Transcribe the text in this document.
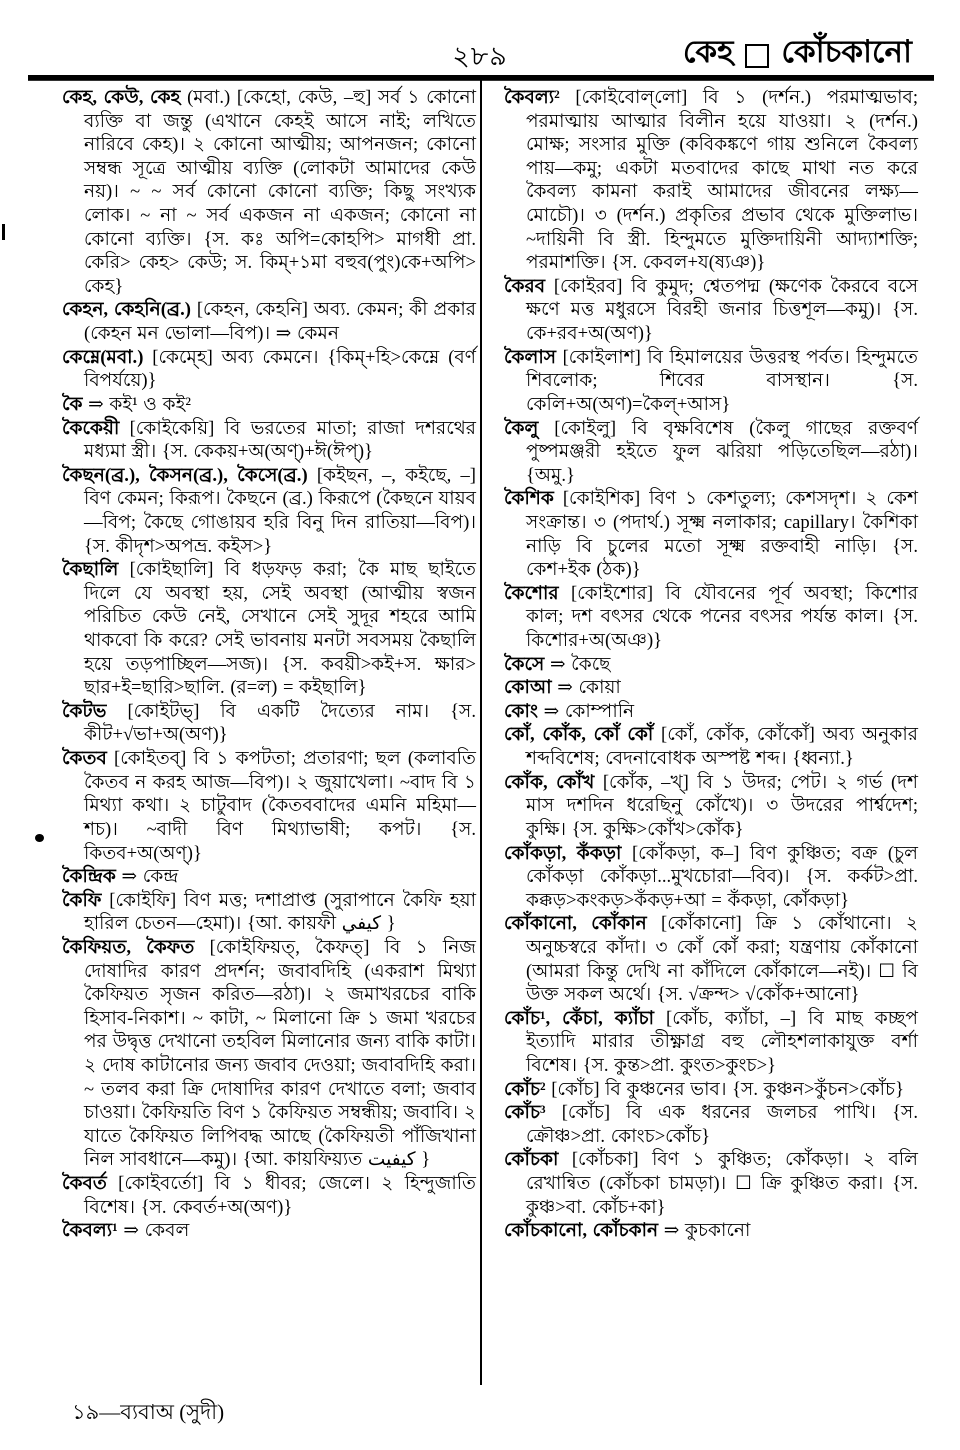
২৮৯	কেহ কোঁচকানো

কেহ, কেউ, কেহ (মবা.) [কেহো, কেউ, –হু] সর্ব ১ কোনো ব্যক্তি বা জন্তু (এখানে কেহই আসে নাই; লখিতে নারিবে কেহ)। ২ কোনো আত্মীয়; আপনজন; কোনো সম্বন্ধ সূত্রে আত্মীয় ব্যক্তি (লোকটা আমাদের কেউ নয়)। ~ ~ সর্ব কোনো কোনো ব্যক্তি; কিছু সংখ্যক লোক। ~ না ~ সর্ব একজন না একজন; কোনো না কোনো ব্যক্তি। {স. কঃ অপি=কোহপি> মাগধী প্রা. কেরি> কেহ> কেউ; স. কিম্+১মা বহুব(পুং)কে+অপি> কেহ}

কেহন, কেহনি(ব্র.) [কেহন, কেহনি] অব্য. কেমন; কী প্রকার (কেহন মন ভোলা—বিপ)। ⇒ কেমন

কেম্নে(মবা.) [কেম্হে] অব্য কেমনে। {কিম্+হি>কেম্নে (বর্ণ বিপর্যয়ে)}

কৈ ⇒ কই¹ ও কই²

কৈকেয়ী [কোইকেয়ি] বি ভরতের মাতা; রাজা দশরথের মধ্যমা স্ত্রী। {স. কেকয়+অ(অণ্)+ঈ(ঈপ্)}

কৈছন(ব্র.), কৈসন(ব্র.), কৈসে(ব্র.) [কইছন, –, কইছে, –] বিণ কেমন; কিরূপ। কৈছনে (ব্র.) কিরূপে (কৈছনে যায়ব—বিপ; কৈছে গোঙায়ব হরি বিনু দিন রাতিয়া—বিপ)। {স. কীদৃশ>অপভ্র. কইস>}

কৈছালি [কোইছালি] বি ধড়ফড় করা; কৈ মাছ ছাইতে দিলে যে অবস্থা হয়, সেই অবস্থা (আত্মীয় স্বজন পরিচিত কেউ নেই, সেখানে সেই সুদূর শহরে আমি থাকবো কি করে? সেই ভাবনায় মনটা সবসময় কৈছালি হয়ে তড়পাচ্ছিল—সজ)। {স. কবয়ী>কই+স. ক্ষার> ছার+ই=ছারি>ছালি. (র=ল) = কইছালি}

কৈটভ [কোইটভ্] বি একটি দৈত্যের নাম। {স. কীট+√ভা+অ(অণ)}

কৈতব [কোইতব্] বি ১ কপটতা; প্রতারণা; ছল (কলাবতি কৈতব ন করহ আজ—বিপ)। ২ জুয়াখেলা। ~বাদ বি ১ মিথ্যা কথা। ২ চাটুবাদ (কৈতববাদের এমনি মহিমা—শচ)। ~বাদী বিণ মিথ্যাভাষী; কপট। {স. কিতব+অ(অণ্)}

কৈন্দ্রিক ⇒ কেন্দ্র

কৈফি [কোইফি] বিণ মত্ত; দশাপ্রাপ্ত (সুরাপানে কৈফি হয়া হারিল চেতন—হেমা)। {আ. কায়ফী كيفي }

কৈফিয়ত, কৈফত [কোইফিয়ত্, কৈফত্] বি ১ নিজ দোষাদির কারণ প্রদর্শন; জবাবদিহি (একরাশ মিথ্যা কৈফিয়ত সৃজন করিত—রঠা)। ২ জমাখরচের বাকি হিসাব-নিকাশ। ~ কাটা, ~ মিলানো ক্রি ১ জমা খরচের পর উদ্বৃত্ত দেখানো তহবিল মিলানোর জন্য বাকি কাটা। ২ দোষ কাটানোর জন্য জবাব দেওয়া; জবাবদিহি করা। ~ তলব করা ক্রি দোষাদির কারণ দেখাতে বলা; জবাব চাওয়া। কৈফিয়তি বিণ ১ কৈফিয়ত সম্বন্ধীয়; জবাবি। ২ যাতে কৈফিয়ত লিপিবদ্ধ আছে (কৈফিয়তী পাঁজিখানা নিল সাবধানে—কমু)। {আ. কায়ফিয়্যত كيفيت }

কৈবর্ত [কোইবর্তো] বি ১ ধীবর; জেলে। ২ হিন্দুজাতি বিশেষ। {স. কেবর্ত+অ(অণ)}

কৈবল্য¹ ⇒ কেবল

কৈবল্য² [কোইবোল্‌লো] বি ১ (দর্শন.) পরমাত্মভাব; পরমাত্মায় আত্মার বিলীন হয়ে যাওয়া। ২ (দর্শন.) মোক্ষ; সংসার মুক্তি (কবিকঙ্কণে গায় শুনিলে কৈবল্য পায়—কমু; একটা মতবাদের কাছে মাথা নত করে কৈবল্য কামনা করাই আমাদের জীবনের লক্ষ্য—মোচৌ)। ৩ (দর্শন.) প্রকৃতির প্রভাব থেকে মুক্তিলাভ। ~দায়িনী বি স্ত্রী. হিন্দুমতে মুক্তিদায়িনী আদ্যাশক্তি; পরমাশক্তি। {স. কেবল+য(ষ্যঞ)}

কৈরব [কোইরব] বি কুমুদ; শ্বেতপদ্ম (ক্ষণেক কৈরবে বসে ক্ষণে মত্ত মধুরসে বিরহী জনার চিত্তশূল—কমু)। {স. কে+রব+অ(অণ)}

কৈলাস [কোইলাশ] বি হিমালয়ের উত্তরস্থ পর্বত। হিন্দুমতে শিবলোক; শিবের বাসস্থান। {স. কেলি+অ(অণ)=কৈল্+আস}

কৈলু [কোইলু] বি বৃক্ষবিশেষ (কৈলু গাছের রক্তবর্ণ পুষ্পমঞ্জরী হইতে ফুল ঝরিয়া পড়িতেছিল—রঠা)। {অমু.}

কৈশিক [কোইশিক] বিণ ১ কেশতুল্য; কেশসদৃশ। ২ কেশ সংক্রান্ত। ৩ (পদার্থ.) সূক্ষ্ম নলাকার; capillary। কৈশিকা নাড়ি বি চুলের মতো সূক্ষ্ম রক্তবাহী নাড়ি। {স. কেশ+ইক (ঠক)}

কৈশোর [কোইশোর] বি যৌবনের পূর্ব অবস্থা; কিশোর কাল; দশ বৎসর থেকে পনের বৎসর পর্যন্ত কাল। {স. কিশোর+অ(অঞ)}

কৈসে ⇒ কৈছে

কোআ ⇒ কোয়া

কোং ⇒ কোম্পানি

কোঁ, কোঁক, কোঁ কোঁ [কোঁ, কোঁক, কোঁকোঁ] অব্য অনুকার শব্দবিশেষ; বেদনাবোধক অস্পষ্ট শব্দ। {ধ্বন্যা.}

কোঁক, কোঁখ [কোঁক, –খ্] বি ১ উদর; পেট। ২ গর্ভ (দশ মাস দশদিন ধরেছিনু কোঁখে)। ৩ উদরের পার্শ্বদেশ; কুক্ষি। {স. কুক্ষি>কোঁখ>কোঁক}

কোঁকড়া, কঁকড়া [কোঁকড়া, ক–] বিণ কুঞ্চিত; বক্র (চুল কোঁকড়া কোঁকড়া...মুখচোরা—বিব)। {স. কর্কট>প্রা. কক্কড়>কংকড়>কঁকড়+আ = কঁকড়া, কোঁকড়া}

কোঁকানো, কোঁকান [কোঁকানো] ক্রি ১ কোঁথানো। ২ অনুচ্চস্বরে কাঁদা। ৩ কোঁ কোঁ করা; যন্ত্রণায় কোঁকানো (আমরা কিন্তু দেখি না কাঁদিলে কোঁকালে—নই)। ☐ বি উক্ত সকল অর্থে। {স. √ক্রন্দ> √কোঁক+আনো}

কোঁচ¹, কেঁচা, ক্যাঁচা [কোঁচ, ক্যাঁচা, –] বি মাছ কচ্ছপ ইত্যাদি মারার তীক্ষ্ণাগ্র বহু লৌহশলাকাযুক্ত বর্শা বিশেষ। {স. কুন্ত>প্রা. কুংত>কুংচ>}

কোঁচ² [কোঁচ] বি কুঞ্চনের ভাব। {স. কুঞ্চন>কুঁচন>কোঁচ}

কোঁচ³ [কোঁচ] বি এক ধরনের জলচর পাখি। {স. ক্রৌঞ্চ>প্রা. কোংচ>কোঁচ}

কোঁচকা [কোঁচকা] বিণ ১ কুঞ্চিত; কোঁকড়া। ২ বলি রেখান্বিত (কোঁচকা চামড়া)। ☐ ক্রি কুঞ্চিত করা। {স. কুঞ্চ>বা. কোঁচ+কা}

কোঁচকানো, কোঁচকান ⇒ কুচকানো

১৯—ব্যবাঅ (সুদী)
